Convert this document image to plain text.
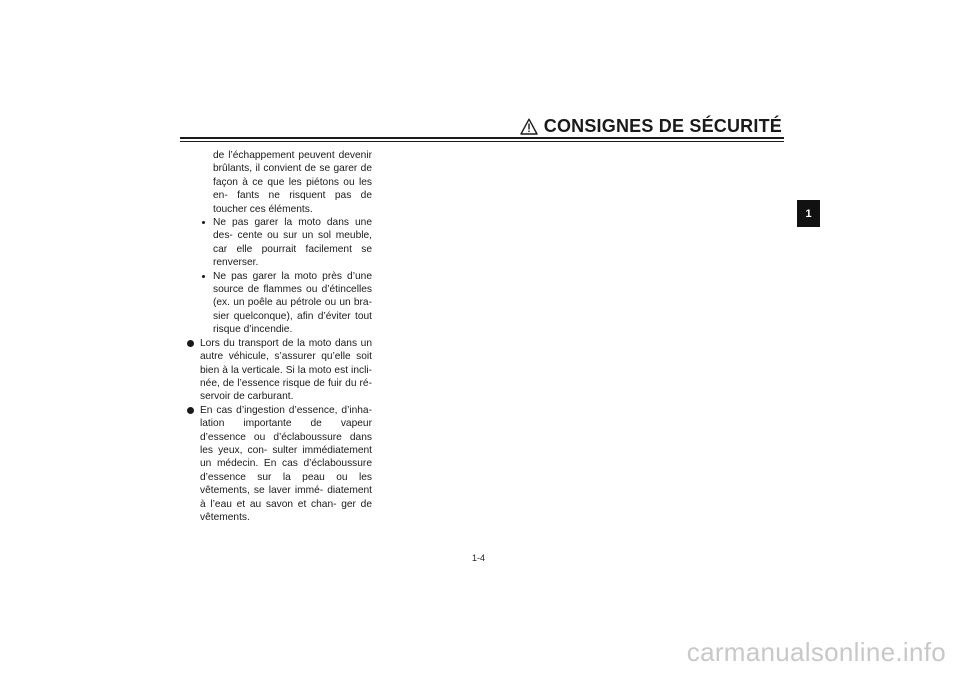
CONSIGNES DE SÉCURITÉ
1
de l’échappement peuvent devenir brûlants, il convient de se garer de façon à ce que les piétons ou les en- fants ne risquent pas de toucher ces éléments.
Ne pas garer la moto dans une des- cente ou sur un sol meuble, car elle pourrait facilement se renverser.
Ne pas garer la moto près d’une source de flammes ou d’étincelles (ex. un poêle au pétrole ou un bra- sier quelconque), afin d’éviter tout risque d’incendie.
Lors du transport de la moto dans un autre véhicule, s’assurer qu’elle soit bien à la verticale. Si la moto est incli- née, de l’essence risque de fuir du ré- servoir de carburant.
En cas d’ingestion d’essence, d’inha- lation importante de vapeur d’essence ou d’éclaboussure dans les yeux, con- sulter immédiatement un médecin. En cas d’éclaboussure d’essence sur la peau ou les vêtements, se laver immé- diatement à l’eau et au savon et chan- ger de vêtements.
1-4
carmanualsonline.info
